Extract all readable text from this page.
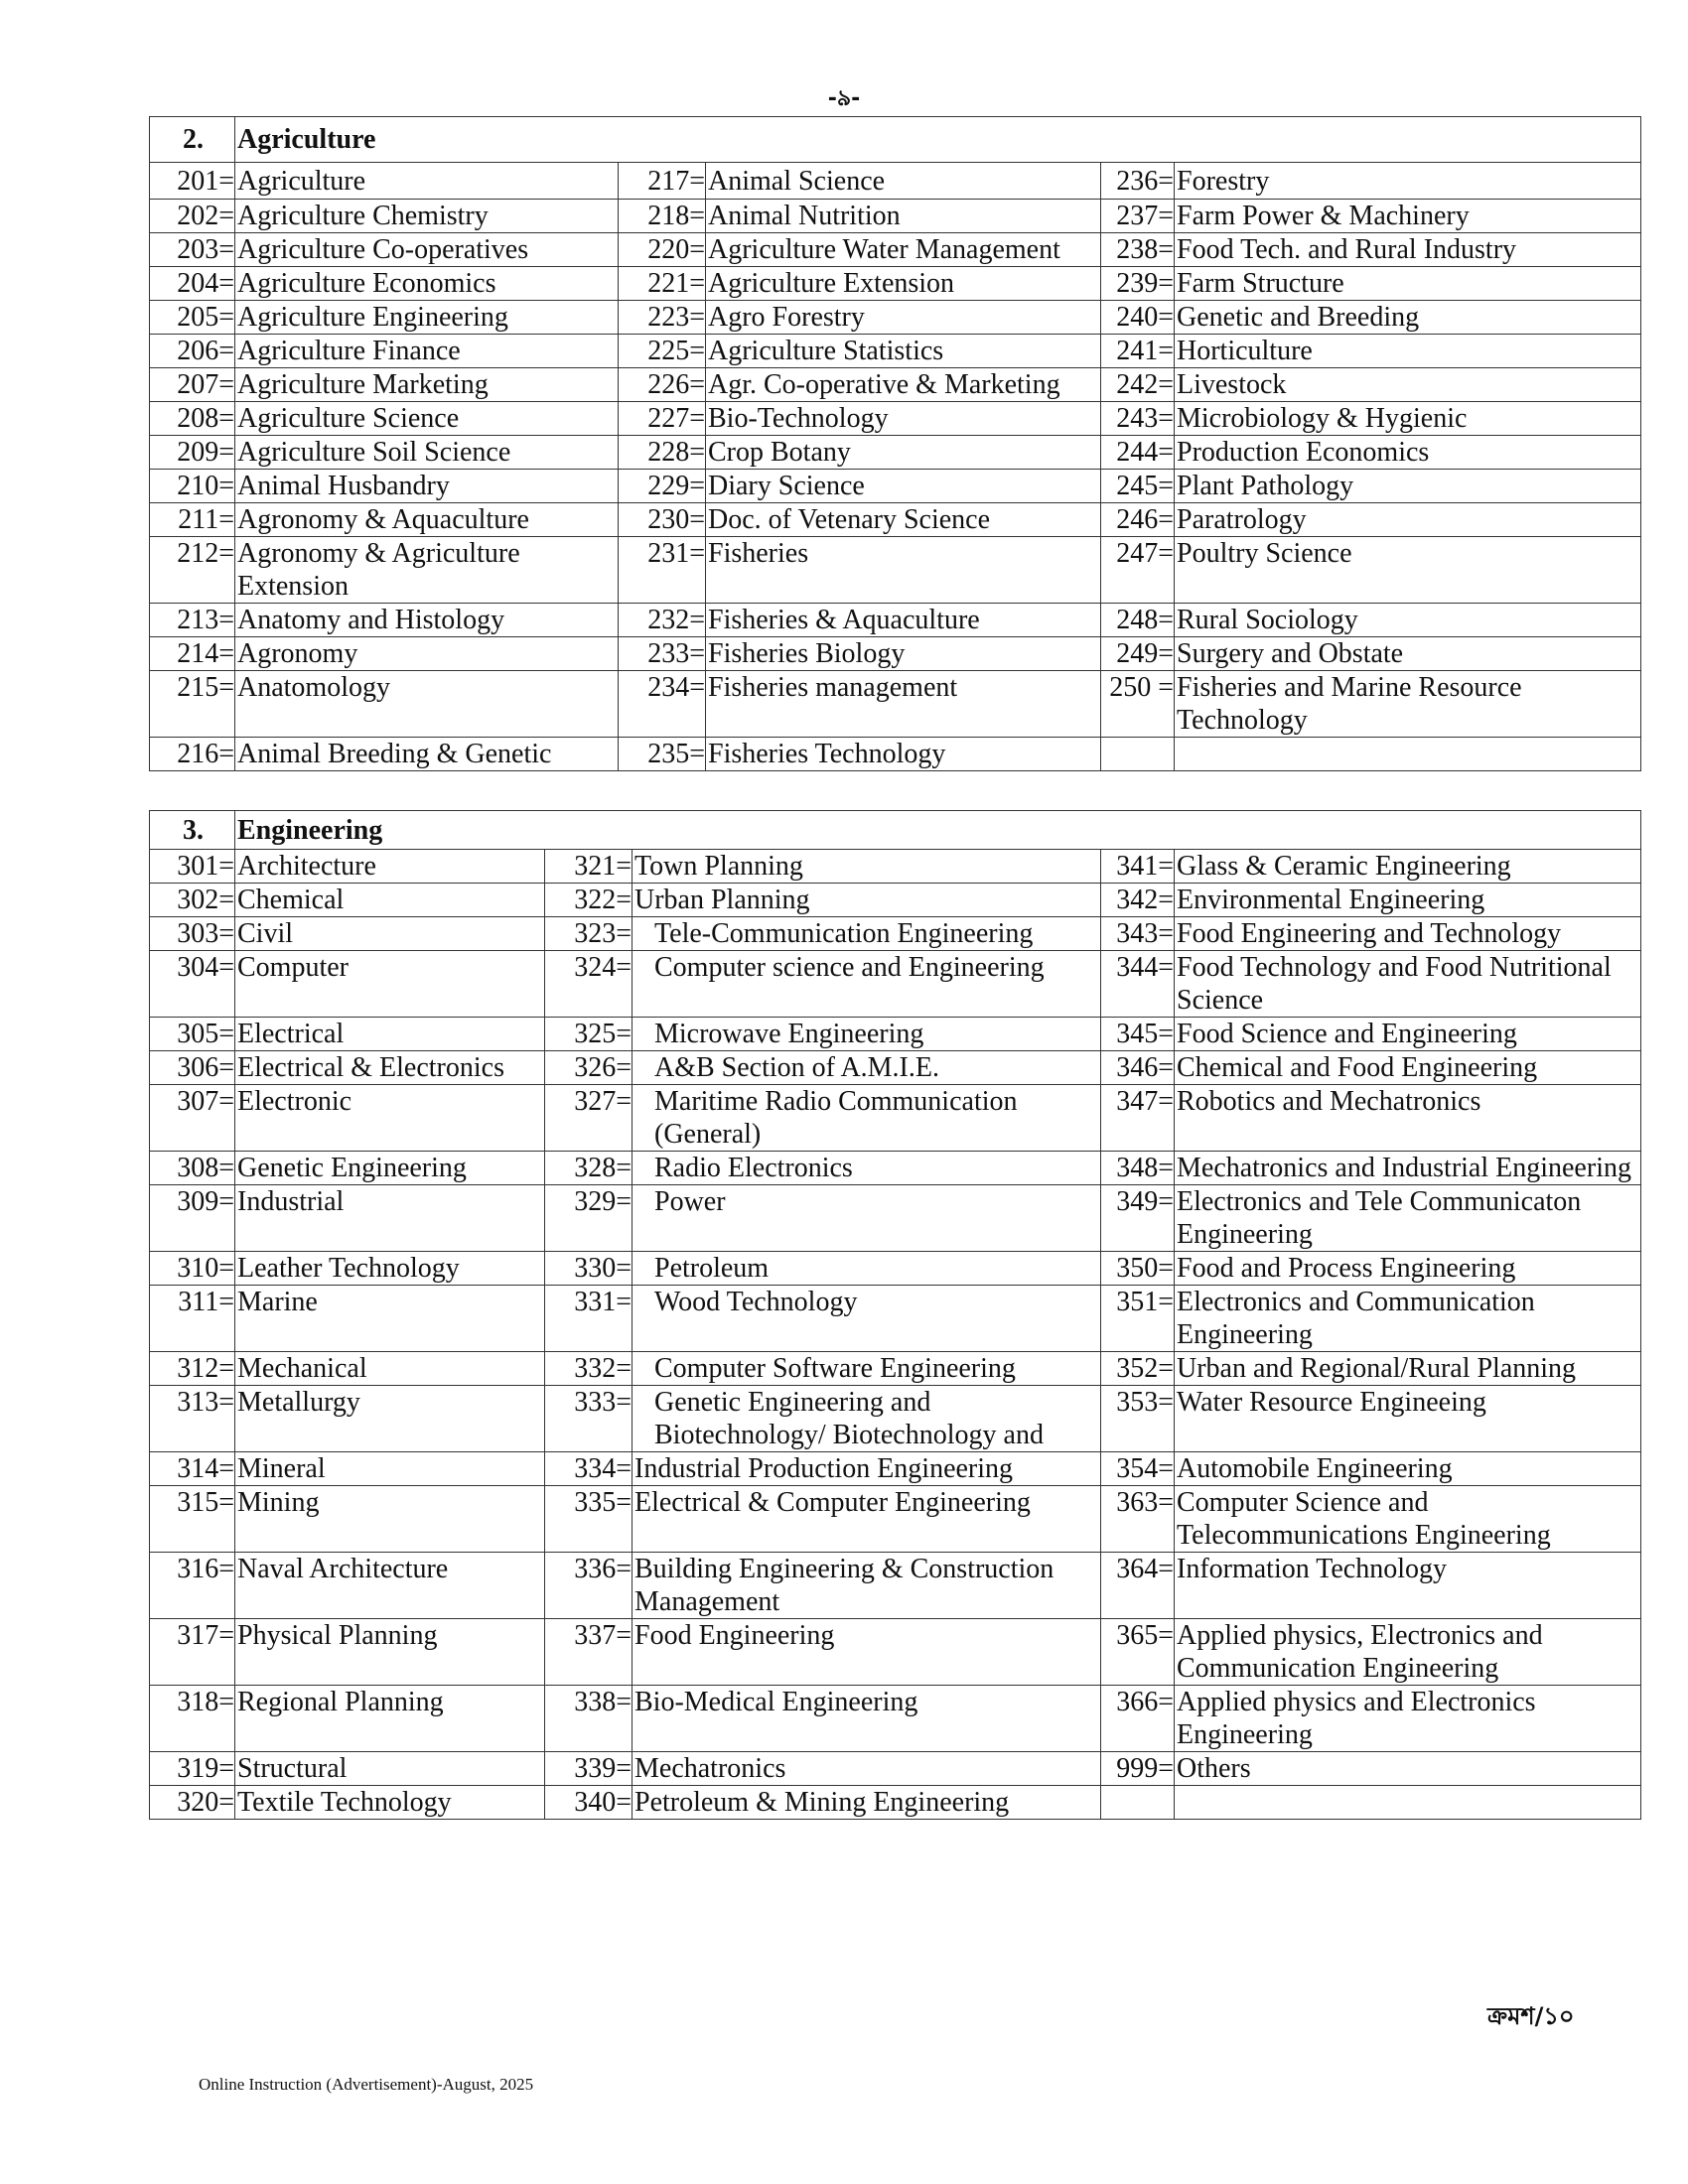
-৯-
2.	Agriculture				
201=	Agriculture	217=	Animal Science	236=	Forestry
202=	Agriculture Chemistry	218=	Animal Nutrition	237=	Farm Power & Machinery
203=	Agriculture Co-operatives	220=	Agriculture Water Management	238=	Food Tech. and Rural Industry
204=	Agriculture Economics	221=	Agriculture Extension	239=	Farm Structure
205=	Agriculture Engineering	223=	Agro Forestry	240=	Genetic and Breeding
206=	Agriculture Finance	225=	Agriculture Statistics	241=	Horticulture
207=	Agriculture Marketing	226=	Agr. Co-operative & Marketing	242=	Livestock
208=	Agriculture Science	227=	Bio-Technology	243=	Microbiology & Hygienic
209=	Agriculture Soil Science	228=	Crop Botany	244=	Production Economics
210=	Animal Husbandry	229=	Diary Science	245=	Plant Pathology
211=	Agronomy & Aquaculture	230=	Doc. of Vetenary Science	246=	Paratrology
212=	Agronomy & Agriculture Extension	231=	Fisheries	247=	Poultry Science
213=	Anatomy and Histology	232=	Fisheries & Aquaculture	248=	Rural Sociology
214=	Agronomy	233=	Fisheries Biology	249=	Surgery and Obstate
215=	Anatomology	234=	Fisheries management	250 =	Fisheries and Marine Resource Technology
216=	Animal Breeding & Genetic	235=	Fisheries Technology		
3.	Engineering				
301=	Architecture	321=	Town Planning	341=	Glass & Ceramic Engineering
302=	Chemical	322=	Urban Planning	342=	Environmental Engineering
303=	Civil	323=	Tele-Communication Engineering	343=	Food Engineering and Technology
304=	Computer	324=	Computer science and Engineering	344=	Food Technology and Food Nutritional Science
305=	Electrical	325=	Microwave Engineering	345=	Food Science and Engineering
306=	Electrical & Electronics	326=	A&B Section of A.M.I.E.	346=	Chemical and Food Engineering
307=	Electronic	327=	Maritime Radio Communication (General)	347=	Robotics and Mechatronics
308=	Genetic Engineering	328=	Radio Electronics	348=	Mechatronics and Industrial Engineering
309=	Industrial	329=	Power	349=	Electronics and Tele Communicaton Engineering
310=	Leather Technology	330=	Petroleum	350=	Food and Process Engineering
311=	Marine	331=	Wood Technology	351=	Electronics and Communication Engineering
312=	Mechanical	332=	Computer Software Engineering	352=	Urban and Regional/Rural Planning
313=	Metallurgy	333=	Genetic Engineering and Biotechnology/ Biotechnology and	353=	Water Resource Engineeing
314=	Mineral	334=	Industrial Production Engineering	354=	Automobile Engineering
315=	Mining	335=	Electrical & Computer Engineering	363=	Computer Science and Telecommunications Engineering
316=	Naval Architecture	336=	Building Engineering & Construction Management	364=	Information Technology
317=	Physical Planning	337=	Food Engineering	365=	Applied physics, Electronics and Communication Engineering
318=	Regional Planning	338=	Bio-Medical Engineering	366=	Applied physics and Electronics Engineering
319=	Structural	339=	Mechatronics	999=	Others
320=	Textile Technology	340=	Petroleum & Mining Engineering		
ক্রমশ/১০
Online Instruction (Advertisement)-August, 2025
